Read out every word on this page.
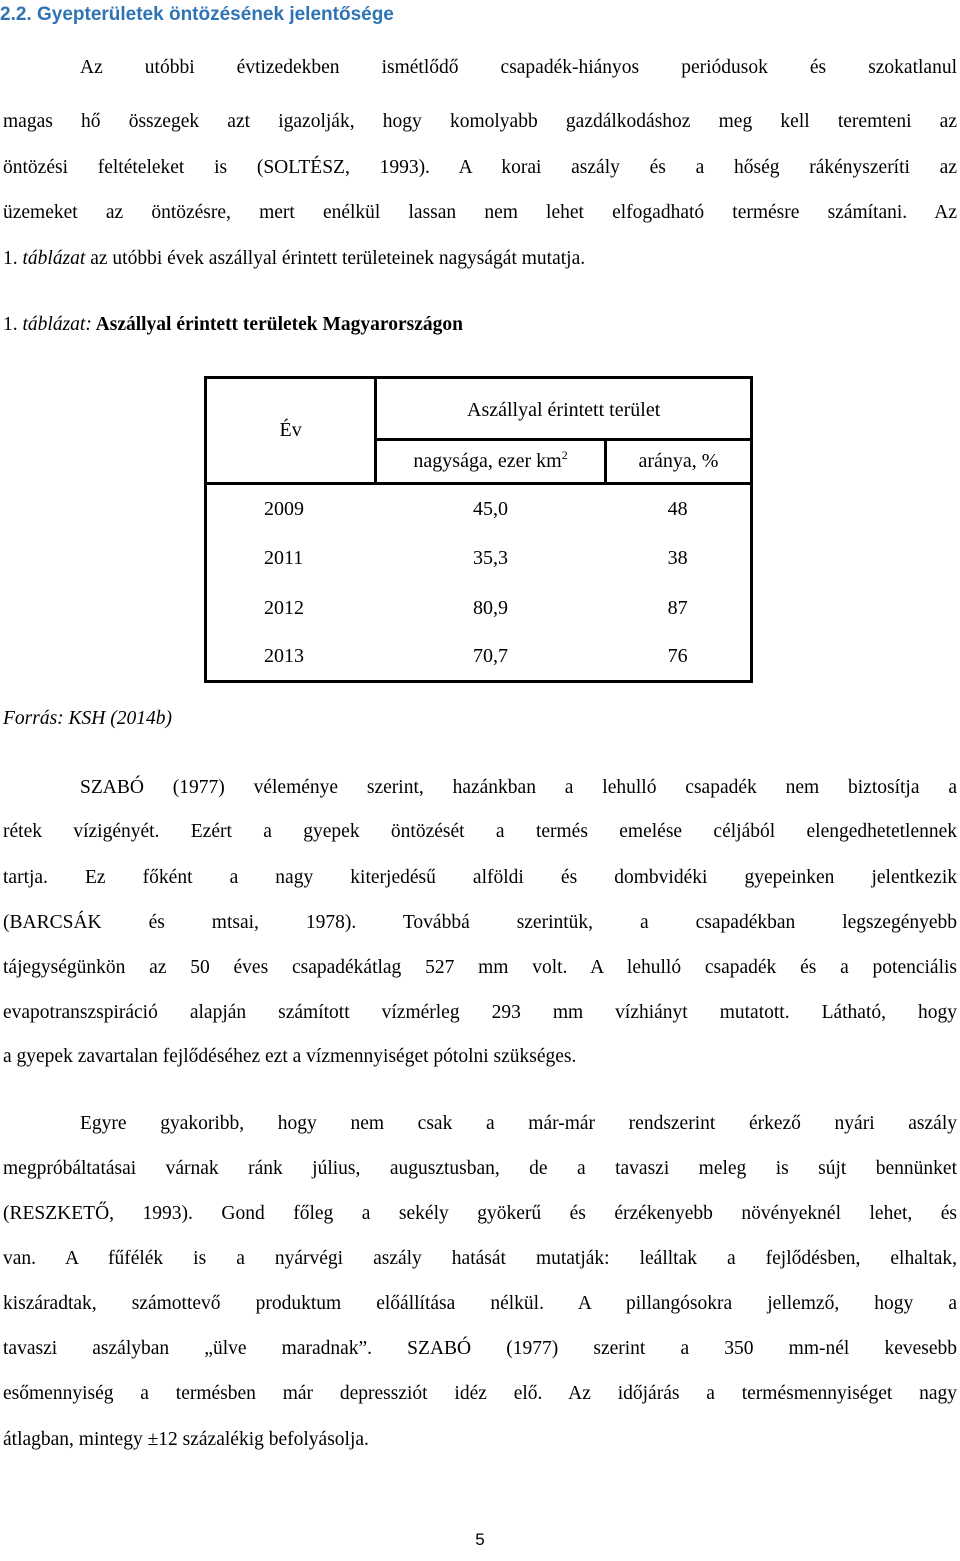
2.2. Gyepterületek öntözésének jelentősége
Az utóbbi évtizedekben ismétlődő csapadék-hiányos periódusok és szokatlanul
magas hő összegek azt igazolják, hogy komolyabb gazdálkodáshoz meg kell teremteni az
öntözési feltételeket is (SOLTÉSZ, 1993). A korai aszály és a hőség rákényszeríti az
üzemeket az öntözésre, mert enélkül lassan nem lehet elfogadható termésre számítani. Az
1. táblázat az utóbbi évek aszállyal érintett területeinek nagyságát mutatja.
1. táblázat: Aszállyal érintett területek Magyarországon
Év	Aszállyal érintett terület	
	nagysága, ezer $km^2$	aránya, %
2009	45,0	48
2011	35,3	38
2012	80,9	87
2013	70,7	76
Forrás: KSH (2014b)
SZABÓ (1977) véleménye szerint, hazánkban a lehulló csapadék nem biztosítja a
rétek vízigényét. Ezért a gyepek öntözését a termés emelése céljából elengedhetetlennek
tartja. Ez főként a nagy kiterjedésű alföldi és dombvidéki gyepeinken jelentkezik
(BARCSÁK és mtsai, 1978). Továbbá szerintük, a csapadékban legszegényebb
tájegységünkön az 50 éves csapadékátlag 527 mm volt. A lehulló csapadék és a potenciális
evapotranszspiráció alapján számított vízmérleg 293 mm vízhiányt mutatott. Látható, hogy
a gyepek zavartalan fejlődéséhez ezt a vízmennyiséget pótolni szükséges.
Egyre gyakoribb, hogy nem csak a már-már rendszerint érkező nyári aszály
megpróbáltatásai várnak ránk július, augusztusban, de a tavaszi meleg is sújt bennünket
(RESZKETŐ, 1993). Gond főleg a sekély gyökerű és érzékenyebb növényeknél lehet, és
van. A fűfélék is a nyárvégi aszály hatását mutatják: leálltak a fejlődésben, elhaltak,
kiszáradtak, számottevő produktum előállítása nélkül. A pillangósokra jellemző, hogy a
tavaszi aszályban „ülve maradnak”. SZABÓ (1977) szerint a 350 mm-nél kevesebb
esőmennyiség a termésben már depressziót idéz elő. Az időjárás a termésmennyiséget nagy
átlagban, mintegy ±12 százalékig befolyásolja.
5
